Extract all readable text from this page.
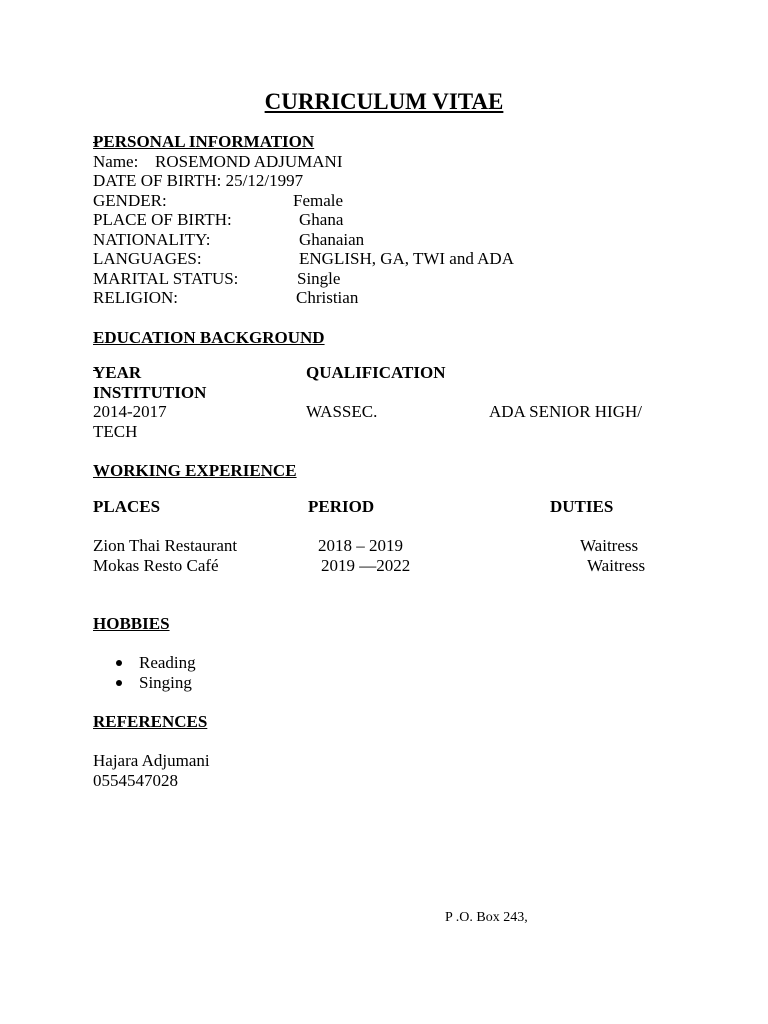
CURRICULUM VITAE
PERSONAL INFORMATION
Name: ROSEMOND ADJUMANI
DATE OF BIRTH: 25/12/1997
GENDER:	Female
PLACE OF BIRTH:	Ghana
NATIONALITY:	Ghanaian
LANGUAGES:	ENGLISH, GA, TWI and ADA
MARITAL STATUS:	Single
RELIGION:	Christian
EDUCATION BACKGROUND
YEAR	QUALIFICATION
INSTITUTION
2014-2017	WASSEC.	ADA SENIOR HIGH/
TECH
WORKING EXPERIENCE
PLACES	PERIOD	DUTIES
Zion Thai Restaurant	2018 – 2019	Waitress
Mokas Resto Café	2019 —2022	Waitress
HOBBIES
Reading
Singing
REFERENCES
Hajara Adjumani
0554547028
P .O. Box 243,
